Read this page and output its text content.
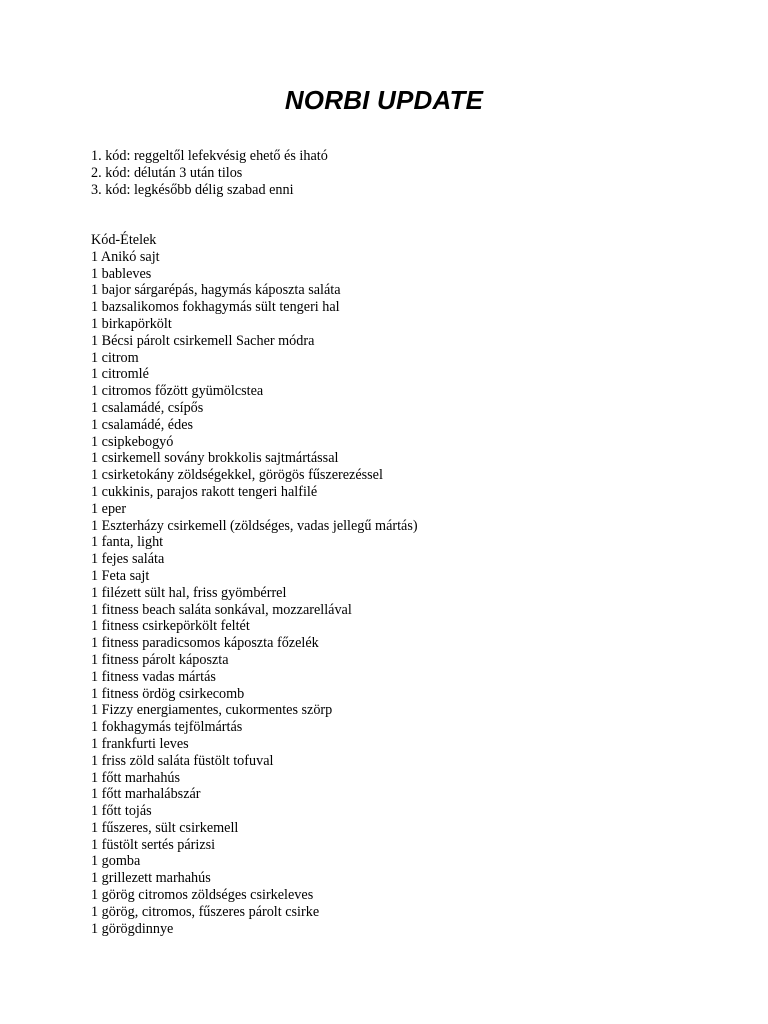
NORBI UPDATE
1. kód: reggeltől lefekvésig ehető és iható
2. kód: délután 3 után tilos
3. kód: legkésőbb délig szabad enni
Kód-Ételek
1 Anikó sajt
1 bableves
1 bajor sárgarépás, hagymás káposzta saláta
1 bazsalikomos fokhagymás sült tengeri hal
1 birkapörkölt
1 Bécsi párolt csirkemell Sacher módra
1 citrom
1 citromlé
1 citromos főzött gyümölcstea
1 csalamádé, csípős
1 csalamádé, édes
1 csipkebogyó
1 csirkemell sovány brokkolis sajtmártással
1 csirketokány zöldségekkel, görögös fűszerezéssel
1 cukkinis, parajos rakott tengeri halfilé
1 eper
1 Eszterházy csirkemell (zöldséges, vadas jellegű mártás)
1 fanta, light
1 fejes saláta
1 Feta sajt
1 filézett sült hal, friss gyömbérrel
1 fitness beach saláta sonkával, mozzarellával
1 fitness csirkepörkölt feltét
1 fitness paradicsomos káposzta főzelék
1 fitness párolt káposzta
1 fitness vadas mártás
1 fitness ördög csirkecomb
1 Fizzy energiamentes, cukormentes szörp
1 fokhagymás tejfölmártás
1 frankfurti leves
1 friss zöld saláta füstölt tofuval
1 főtt marhahús
1 főtt marhalábszár
1 főtt tojás
1 fűszeres, sült csirkemell
1 füstölt sertés párizsi
1 gomba
1 grillezett marhahús
1 görög citromos zöldséges csirkeleves
1 görög, citromos, fűszeres párolt csirke
1 görögdinnye
